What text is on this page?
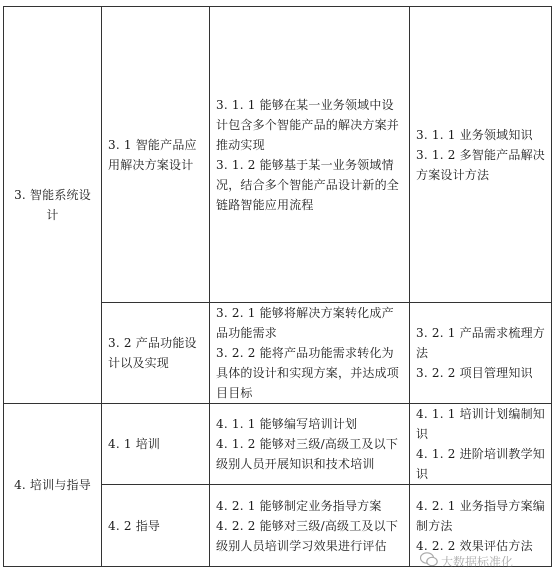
3. 智能系统设计	3. 1 智能产品应用解决方案设计	3. 1. 1 能够在某一业务领域中设计包含多个智能产品的解决方案并推动实现
3. 1. 2 能够基于某一业务领域情况，结合多个智能产品设计新的全链路智能应用流程	3. 1. 1 业务领域知识
3. 1. 2 多智能产品解决方案设计方法

	3. 2 产品功能设计以及实现	3. 2. 1 能够将解决方案转化成产品功能需求
3. 2. 2 能将产品功能需求转化为具体的设计和实现方案，并达成项目目标	3. 2. 1 产品需求梳理方法
3. 2. 2 项目管理知识

4. 培训与指导	4. 1 培训	4. 1. 1 能够编写培训计划
4. 1. 2 能够对三级/高级工及以下级别人员开展知识和技术培训	4. 1. 1 培训计划编制知识
4. 1. 2 进阶培训教学知识

	4. 2 指导	4. 2. 1 能够制定业务指导方案
4. 2. 2 能够对三级/高级工及以下级别人员培训学习效果进行评估	4. 2. 1 业务指导方案编制方法
4. 2. 2 效果评估方法
大数据标准化
